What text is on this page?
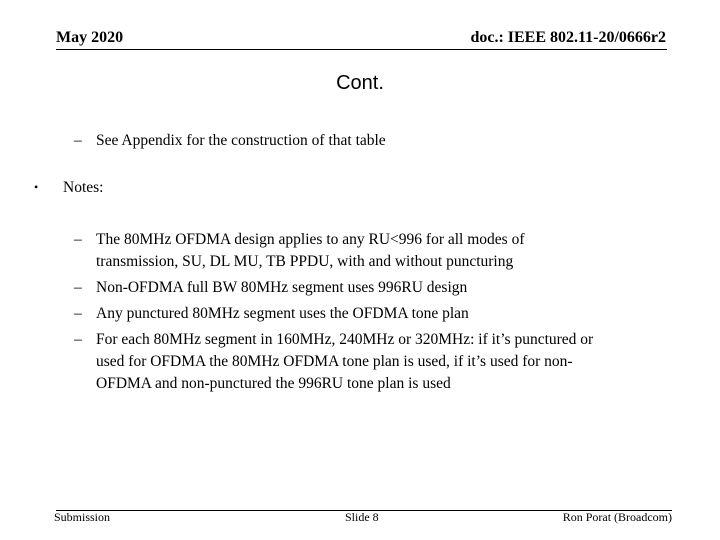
May 2020	doc.: IEEE 802.11-20/0666r2
Cont.
– See Appendix for the construction of that table
• Notes:
– The 80MHz OFDMA design applies to any RU<996 for all modes of
transmission, SU, DL MU, TB PPDU, with and without puncturing
– Non-OFDMA full BW 80MHz segment uses 996RU design
– Any punctured 80MHz segment uses the OFDMA tone plan
– For each 80MHz segment in 160MHz, 240MHz or 320MHz: if it’s punctured or
used for OFDMA the 80MHz OFDMA tone plan is used, if it’s used for non-
OFDMA and non-punctured the 996RU tone plan is used
Submission	Slide 8	Ron Porat (Broadcom)
